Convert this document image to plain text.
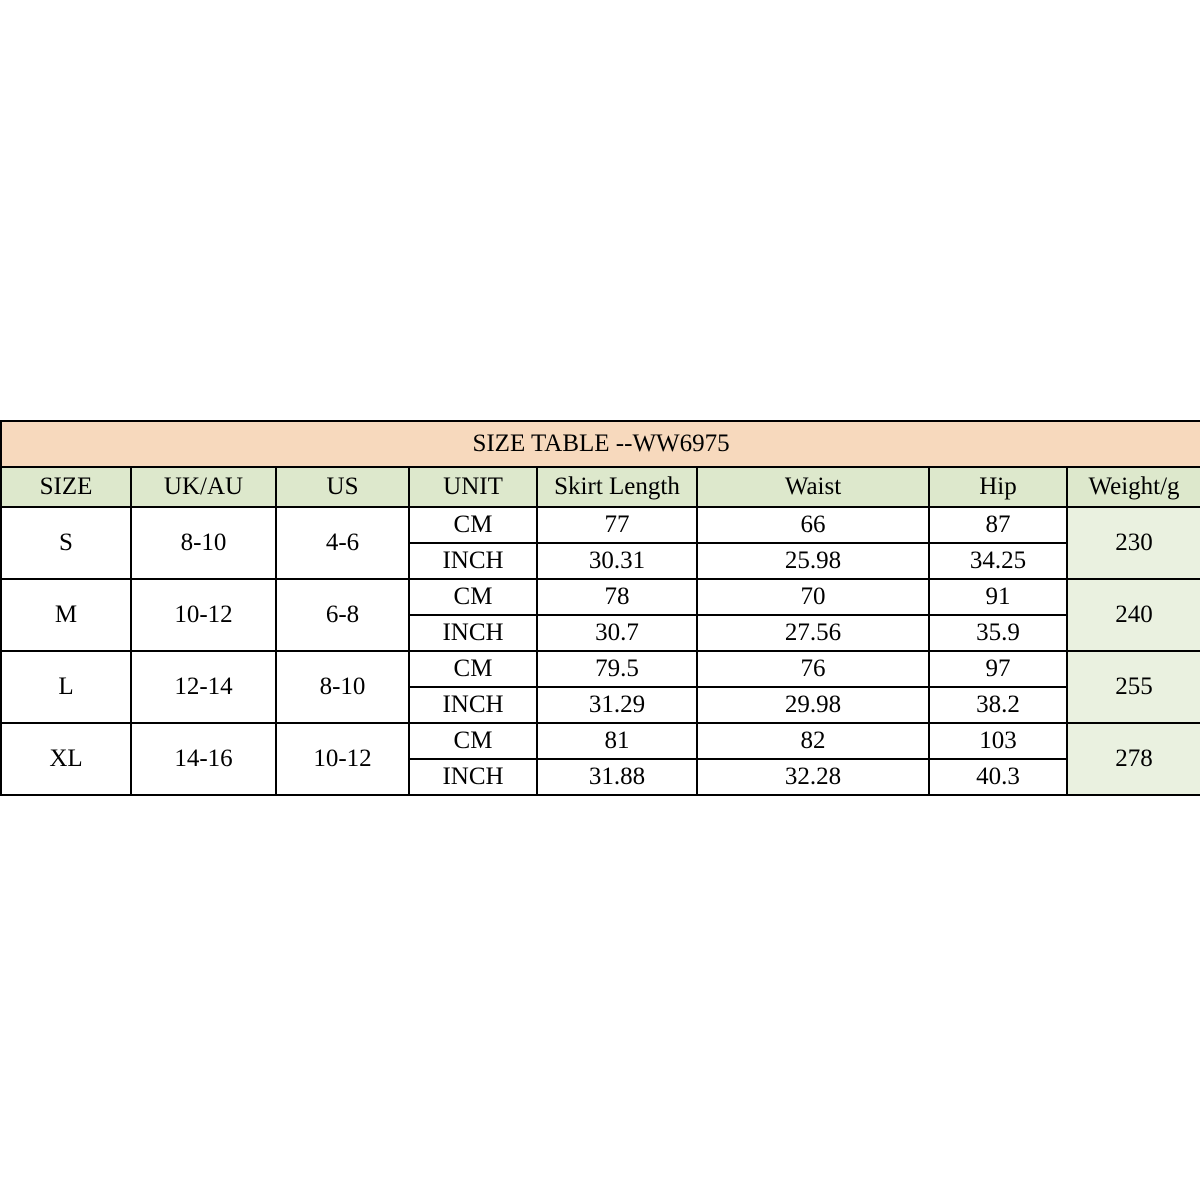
SIZE TABLE --WW6975							
SIZE	UK/AU	US	UNIT	Skirt Length	Waist	Hip	Weight/g
S	8-10	4-6	CM	77	66	87	230
			INCH	30.31	25.98	34.25	
M	10-12	6-8	CM	78	70	91	240
			INCH	30.7	27.56	35.9	
L	12-14	8-10	CM	79.5	76	97	255
			INCH	31.29	29.98	38.2	
XL	14-16	10-12	CM	81	82	103	278
			INCH	31.88	32.28	40.3	
